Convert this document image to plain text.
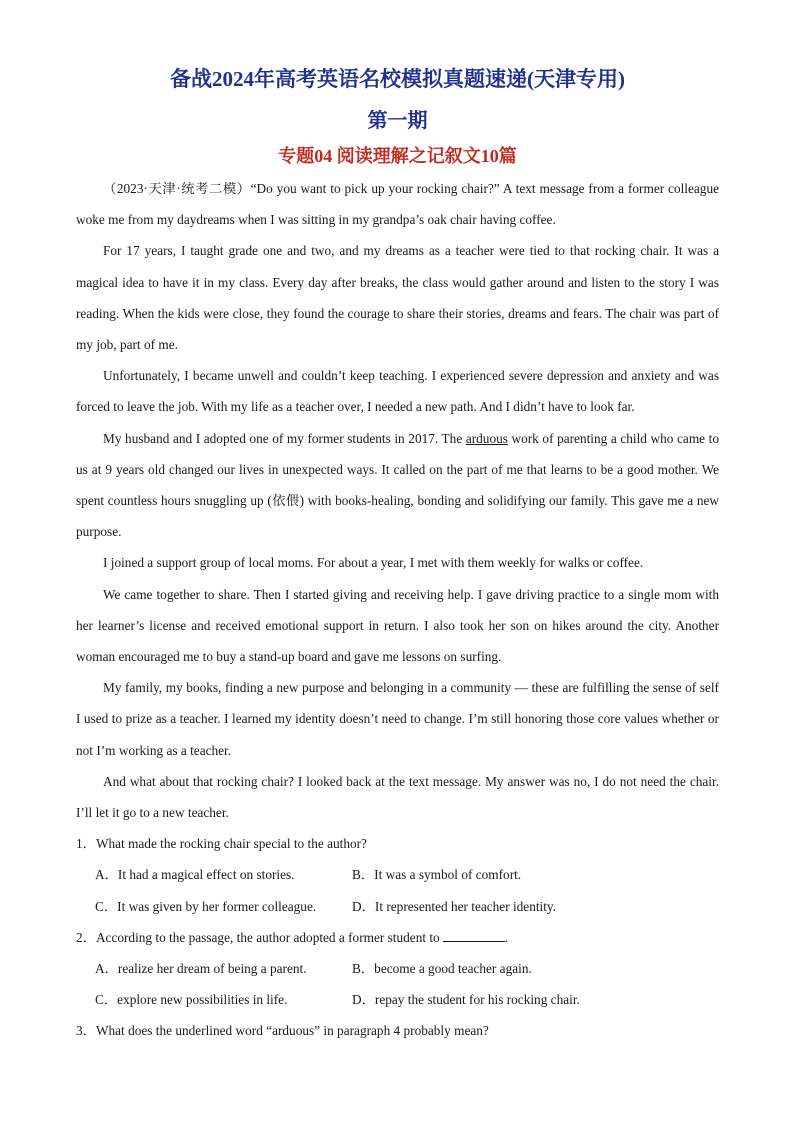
备战2024年高考英语名校模拟真题速递(天津专用)
第一期
专题04 阅读理解之记叙文10篇

（2023·天津·统考二模）“Do you want to pick up your rocking chair?” A text message from a former colleague woke me from my daydreams when I was sitting in my grandpa’s oak chair having coffee.

For 17 years, I taught grade one and two, and my dreams as a teacher were tied to that rocking chair. It was a magical idea to have it in my class. Every day after breaks, the class would gather around and listen to the story I was reading. When the kids were close, they found the courage to share their stories, dreams and fears. The chair was part of my job, part of me.

Unfortunately, I became unwell and couldn’t keep teaching. I experienced severe depression and anxiety and was forced to leave the job. With my life as a teacher over, I needed a new path. And I didn’t have to look far.

My husband and I adopted one of my former students in 2017. The arduous work of parenting a child who came to us at 9 years old changed our lives in unexpected ways. It called on the part of me that learns to be a good mother. We spent countless hours snuggling up (依偎) with books-healing, bonding and solidifying our family. This gave me a new purpose.

I joined a support group of local moms. For about a year, I met with them weekly for walks or coffee.

We came together to share. Then I started giving and receiving help. I gave driving practice to a single mom with her learner’s license and received emotional support in return. I also took her son on hikes around the city. Another woman encouraged me to buy a stand-up board and gave me lessons on surfing.

My family, my books, finding a new purpose and belonging in a community — these are fulfilling the sense of self I used to prize as a teacher. I learned my identity doesn’t need to change. I’m still honoring those core values whether or not I’m working as a teacher.

And what about that rocking chair? I looked back at the text message. My answer was no, I do not need the chair. I’ll let it go to a new teacher.

1．What made the rocking chair special to the author?
A．It had a magical effect on stories.	B．It was a symbol of comfort.
C．It was given by her former colleague.	D．It represented her teacher identity.
2．According to the passage, the author adopted a former student to	.
A．realize her dream of being a parent.	B．become a good teacher again.
C．explore new possibilities in life.	D．repay the student for his rocking chair.
3．What does the underlined word “arduous” in paragraph 4 probably mean?
